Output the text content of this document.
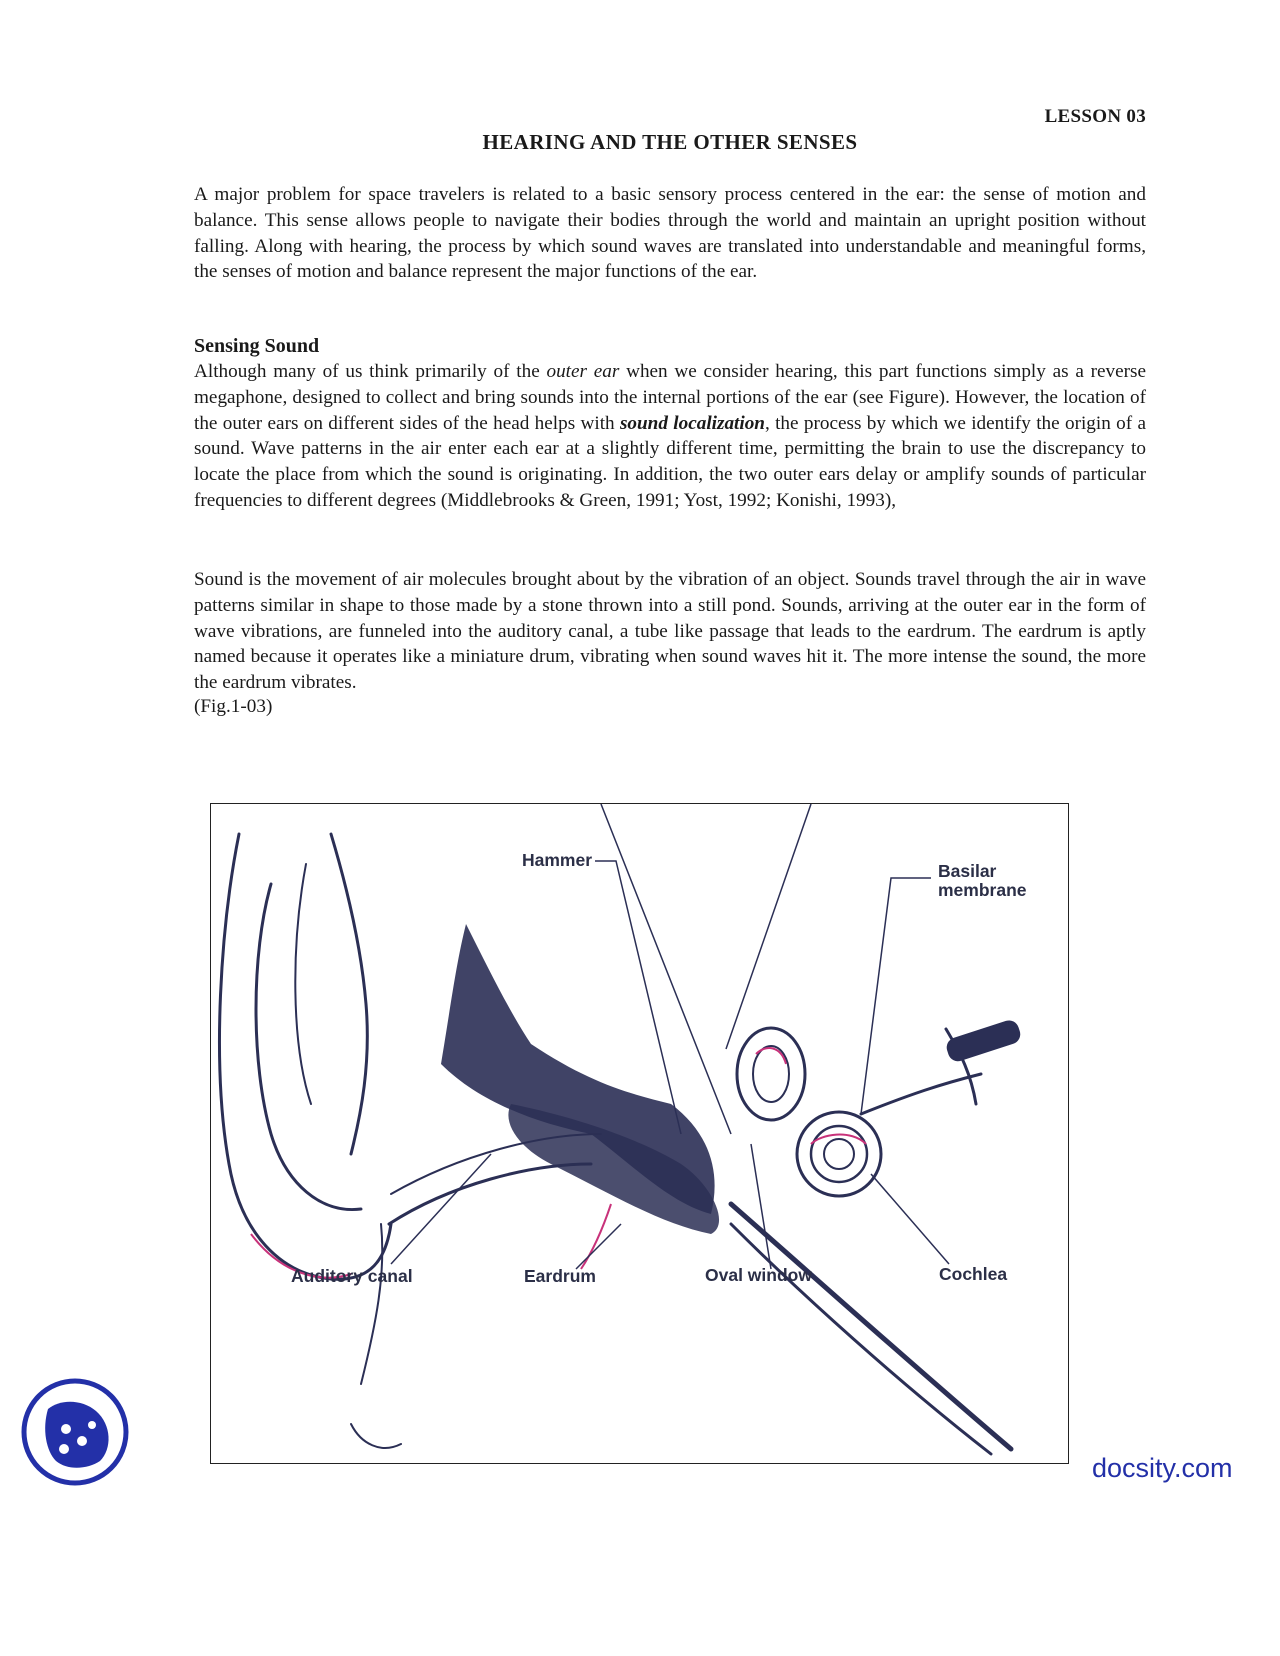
LESSON 03
HEARING AND THE OTHER SENSES

A major problem for space travelers is related to a basic sensory process centered in the ear: the sense of motion and balance. This sense allows people to navigate their bodies through the world and maintain an upright position without falling. Along with hearing, the process by which sound waves are translated into understandable and meaningful forms, the senses of motion and balance represent the major functions of the ear.

Sensing Sound

Although many of us think primarily of the outer ear when we consider hearing, this part functions simply as a reverse megaphone, designed to collect and bring sounds into the internal portions of the ear (see Figure). However, the location of the outer ears on different sides of the head helps with sound localization, the process by which we identify the origin of a sound. Wave patterns in the air enter each ear at a slightly different time, permitting the brain to use the discrepancy to locate the place from which the sound is originating. In addition, the two outer ears delay or amplify sounds of particular frequencies to different degrees (Middlebrooks & Green, 1991; Yost, 1992; Konishi, 1993),

Sound is the movement of air molecules brought about by the vibration of an object. Sounds travel through the air in wave patterns similar in shape to those made by a stone thrown into a still pond. Sounds, arriving at the outer ear in the form of wave vibrations, are funneled into the auditory canal, a tube like passage that leads to the eardrum. The eardrum is aptly named because it operates like a miniature drum, vibrating when sound waves hit it. The more intense the sound, the more the eardrum vibrates.

(Fig.1-03)
Hammer
Basilar
membrane
Auditory canal	Eardrum	Oval window	Cochlea
docsity.com
